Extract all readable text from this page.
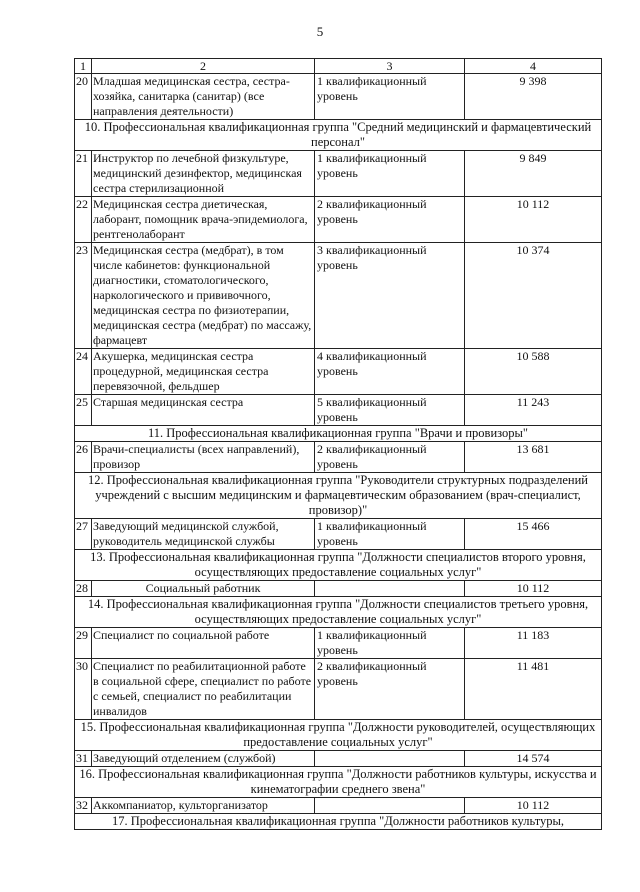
5
1	2	3	4
20	Младшая медицинская сестра, сестра-хозяйка, санитарка (санитар) (все направления деятельности)	1 квалификационный уровень	9 398
10. Профессиональная квалификационная группа "Средний медицинский и фармацевтический персонал"			
21	Инструктор по лечебной физкультуре, медицинский дезинфектор, медицинская сестра стерилизационной	1 квалификационный уровень	9 849
22	Медицинская сестра диетическая, лаборант, помощник врача-эпидемиолога, рентгенолаборант	2 квалификационный уровень	10 112
23	Медицинская сестра (медбрат), в том числе кабинетов: функциональной диагностики, стоматологического, наркологического и прививочного, медицинская сестра по физиотерапии, медицинская сестра (медбрат) по массажу, фармацевт	3 квалификационный уровень	10 374
24	Акушерка, медицинская сестра процедурной, медицинская сестра перевязочной, фельдшер	4 квалификационный уровень	10 588
25	Старшая медицинская сестра	5 квалификационный уровень	11 243
11. Профессиональная квалификационная группа "Врачи и провизоры"			
26	Врачи-специалисты (всех направлений), провизор	2 квалификационный уровень	13 681
12. Профессиональная квалификационная группа "Руководители структурных подразделений учреждений с высшим медицинским и фармацевтическим образованием (врач-специалист, провизор)"			
27	Заведующий медицинской службой, руководитель медицинской службы	1 квалификационный уровень	15 466
13. Профессиональная квалификационная группа "Должности специалистов второго уровня, осуществляющих предоставление социальных услуг"			
28	Социальный работник		10 112
14. Профессиональная квалификационная группа "Должности специалистов третьего уровня, осуществляющих предоставление социальных услуг"			
29	Специалист по социальной работе	1 квалификационный уровень	11 183
30	Специалист по реабилитационной работе в социальной сфере, специалист по работе с семьей, специалист по реабилитации инвалидов	2 квалификационный уровень	11 481
15. Профессиональная квалификационная группа "Должности руководителей, осуществляющих предоставление социальных услуг"			
31	Заведующий отделением (службой)		14 574
16. Профессиональная квалификационная группа "Должности работников культуры, искусства и кинематографии среднего звена"			
32	Аккомпаниатор, культорганизатор		10 112
17. Профессиональная квалификационная группа "Должности работников культуры,			
